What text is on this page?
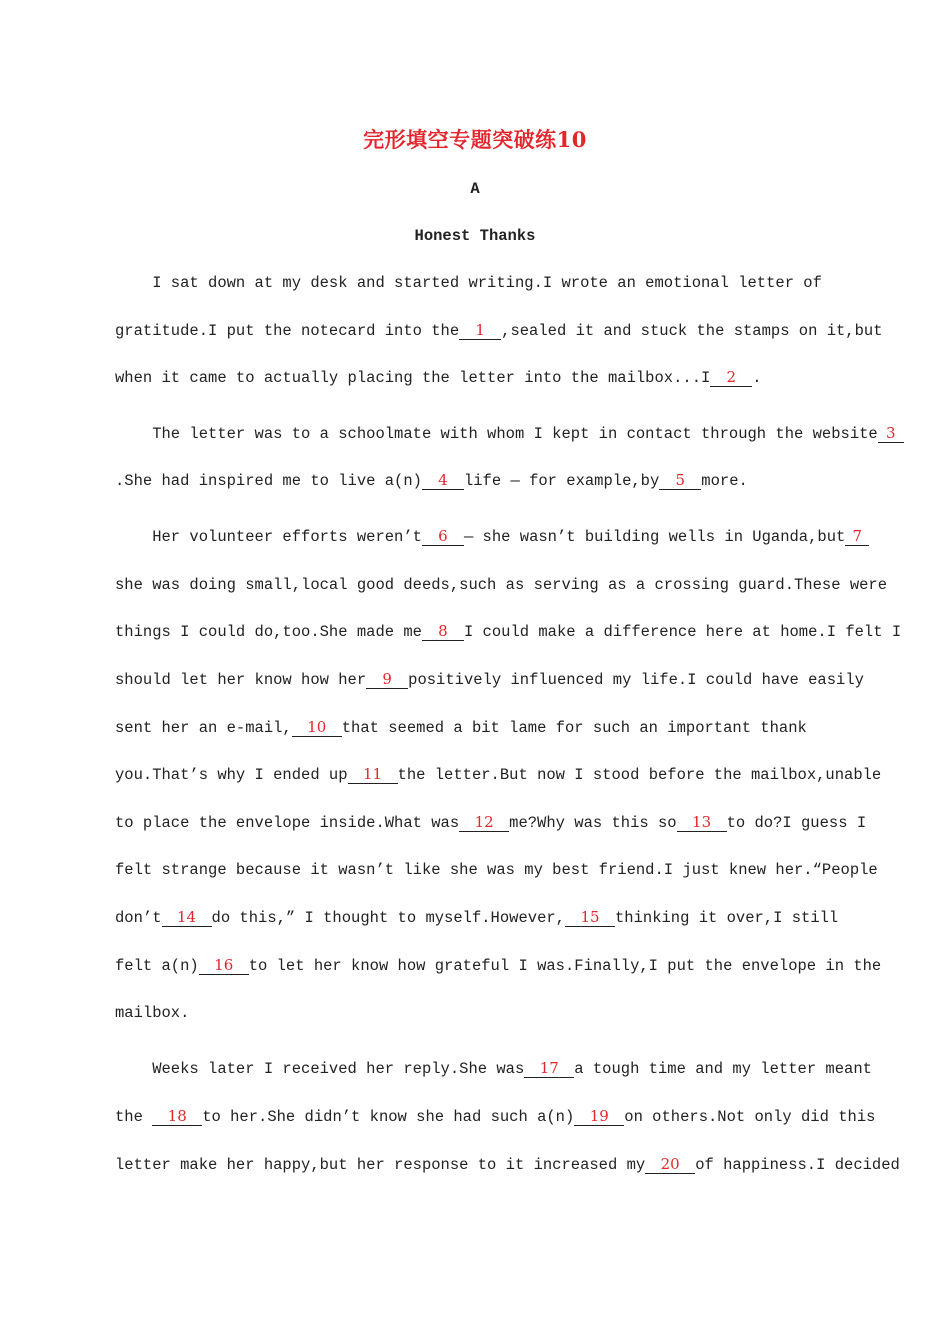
完形填空专题突破练10
A
Honest Thanks
I sat down at my desk and started writing.I wrote an emotional letter of
gratitude.I put the notecard into the 1 ,sealed it and stuck the stamps on it,but
when it came to actually placing the letter into the mailbox...I 2 .
The letter was to a schoolmate with whom I kept in contact through the website 3
.She had inspired me to live a(n) 4 life — for example,by 5 more.
Her volunteer efforts weren’t 6 — she wasn’t building wells in Uganda,but 7
she was doing small,local good deeds,such as serving as a crossing guard.These were
things I could do,too.She made me 8 I could make a difference here at home.I felt I
should let her know how her 9 positively influenced my life.I could have easily
sent her an e-mail, 10 that seemed a bit lame for such an important thank
you.That’s why I ended up 11 the letter.But now I stood before the mailbox,unable
to place the envelope inside.What was 12 me?Why was this so 13 to do?I guess I
felt strange because it wasn’t like she was my best friend.I just knew her.“People
don’t 14 do this,” I thought to myself.However, 15 thinking it over,I still
felt a(n) 16 to let her know how grateful I was.Finally,I put the envelope in the
mailbox.
Weeks later I received her reply.She was 17 a tough time and my letter meant
the 18 to her.She didn’t know she had such a(n) 19 on others.Not only did this
letter make her happy,but her response to it increased my 20 of happiness.I decided
